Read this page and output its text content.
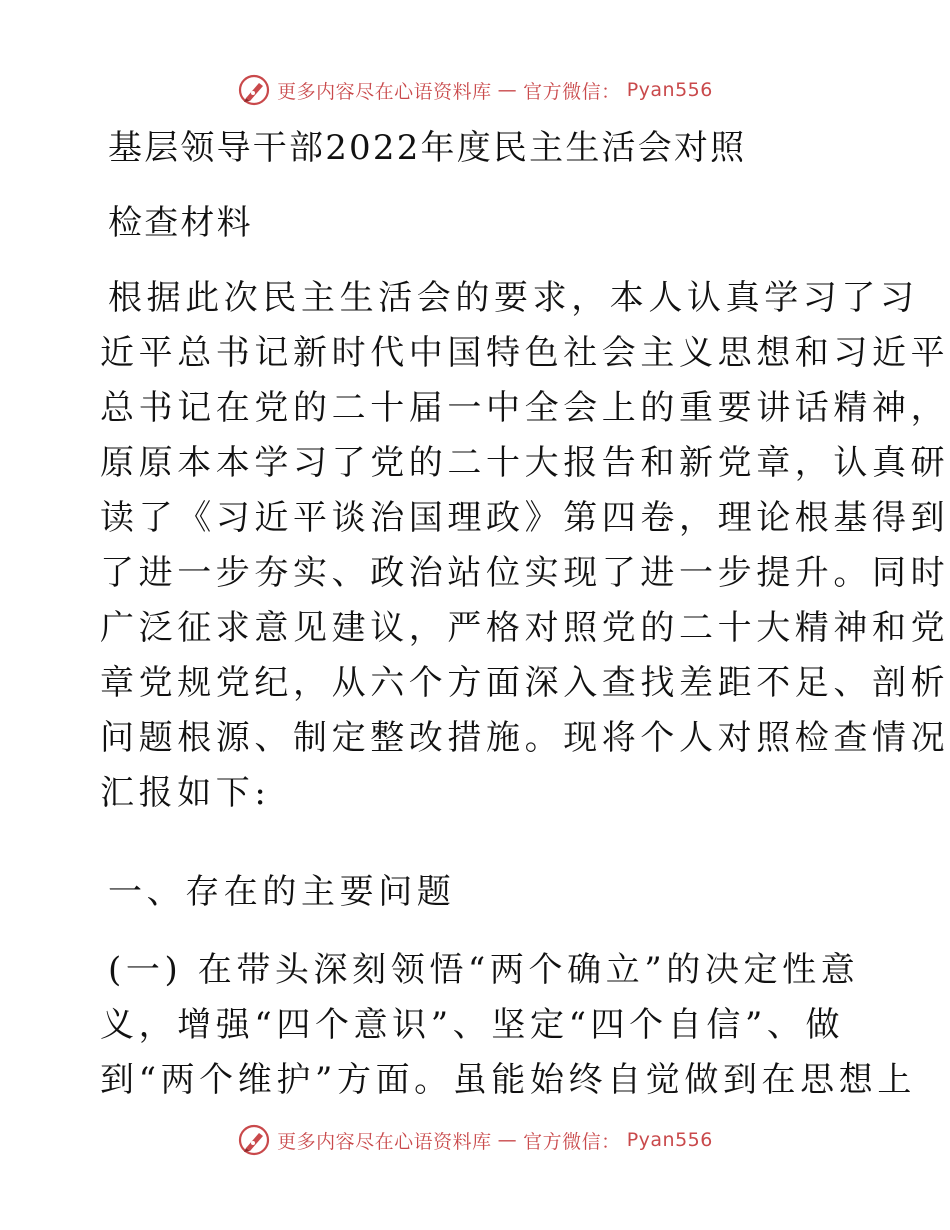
更多内容尽在心语资料库 — 官方微信： Pyan556
基层领导干部2022年度民主生活会对照
检查材料
根据此次民主生活会的要求，本人认真学习了习
近平总书记新时代中国特色社会主义思想和习近平
总书记在党的二十届一中全会上的重要讲话精神，
原原本本学习了党的二十大报告和新党章，认真研
读了《习近平谈治国理政》第四卷，理论根基得到
了进一步夯实、政治站位实现了进一步提升。同时
广泛征求意见建议，严格对照党的二十大精神和党
章党规党纪，从六个方面深入查找差距不足、剖析
问题根源、制定整改措施。现将个人对照检查情况
汇报如下:
一、存在的主要问题
(一) 在带头深刻领悟“两个确立”的决定性意
义，增强“四个意识”、坚定“四个自信”、做
到“两个维护”方面。虽能始终自觉做到在思想上
更多内容尽在心语资料库 — 官方微信： Pyan556
